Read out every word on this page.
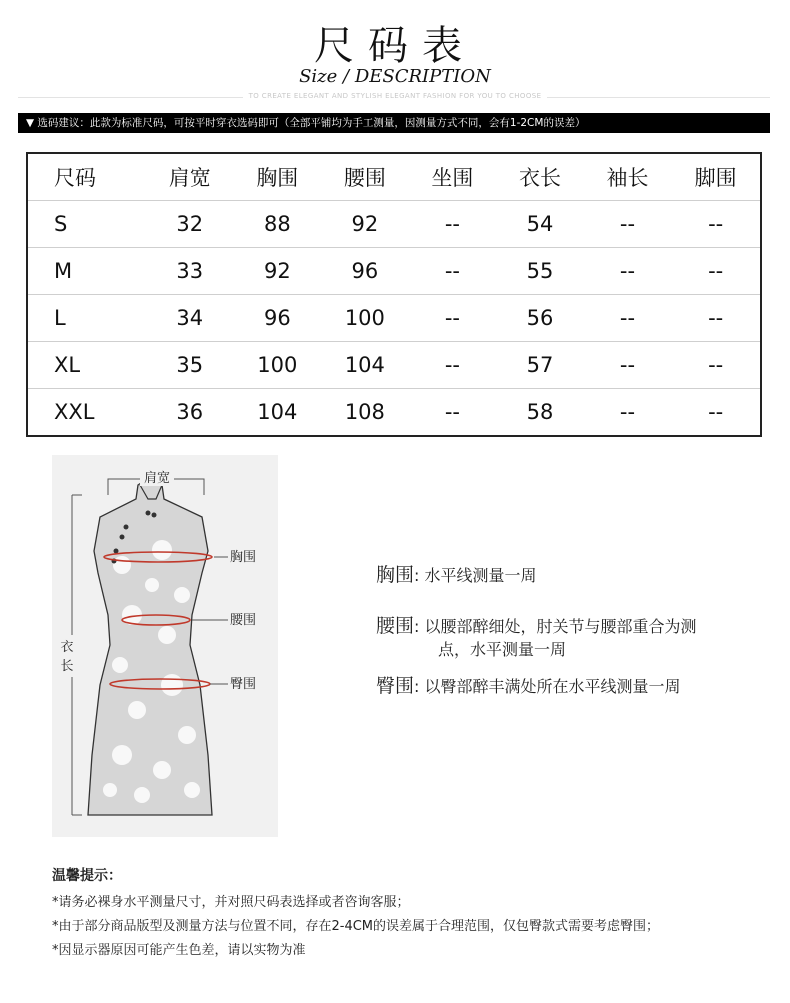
尺码表
Size / DESCRIPTION
TO CREATE ELEGANT AND STYLISH ELEGANT FASHION FOR YOU TO CHOOSE
▼ 选码建议：此款为标准尺码，可按平时穿衣选码即可（全部平铺均为手工测量，因测量方式不同，会有1-2CM的误差）
尺码	肩宽	胸围	腰围	坐围	衣长	袖长	脚围
S	32	88	92	--	54	--	--
M	33	92	96	--	55	--	--
L	34	96	100	--	56	--	--
XL	35	100	104	--	57	--	--
XXL	36	104	108	--	58	--	--
肩宽
胸围
腰围
臀围
衣
长
胸围: 水平线测量一周
腰围: 以腰部醉细处，肘关节与腰部重合为测
点，水平测量一周
臀围: 以臀部醉丰满处所在水平线测量一周
温馨提示：
*请务必裸身水平测量尺寸，并对照尺码表选择或者咨询客服；
*由于部分商品版型及测量方法与位置不同，存在2-4CM的误差属于合理范围，仅包臀款式需要考虑臀围；
*因显示器原因可能产生色差，请以实物为准
